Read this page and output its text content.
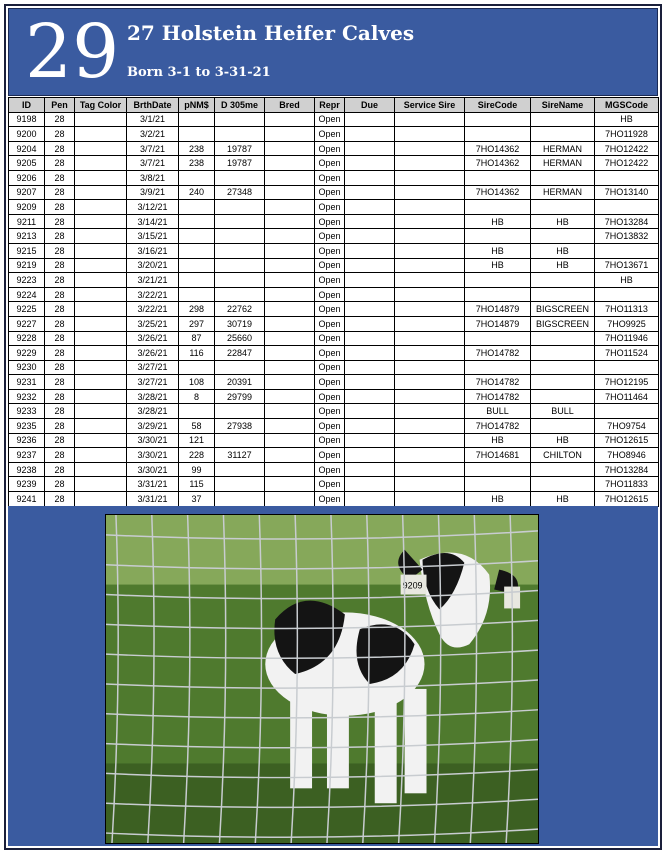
29 27 Holstein Heifer Calves
Born 3-1 to 3-31-21
ID	Pen	Tag Color	BrthDate	pNM$	D 305me	Bred	Repr	Due	Service Sire	SireCode	SireName	MGSCode
9198	28		3/1/21				Open					HB
9200	28		3/2/21				Open					7HO11928
9204	28		3/7/21	238	19787		Open			7HO14362	HERMAN	7HO12422
9205	28		3/7/21	238	19787		Open			7HO14362	HERMAN	7HO12422
9206	28		3/8/21				Open					
9207	28		3/9/21	240	27348		Open			7HO14362	HERMAN	7HO13140
9209	28		3/12/21				Open					
9211	28		3/14/21				Open			HB	HB	7HO13284
9213	28		3/15/21				Open					7HO13832
9215	28		3/16/21				Open			HB	HB	
9219	28		3/20/21				Open			HB	HB	7HO13671
9223	28		3/21/21				Open					HB
9224	28		3/22/21				Open					
9225	28		3/22/21	298	22762		Open			7HO14879	BIGSCREEN	7HO11313
9227	28		3/25/21	297	30719		Open			7HO14879	BIGSCREEN	7HO9925
9228	28		3/26/21	87	25660		Open					7HO11946
9229	28		3/26/21	116	22847		Open			7HO14782		7HO11524
9230	28		3/27/21				Open					
9231	28		3/27/21	108	20391		Open			7HO14782		7HO12195
9232	28		3/28/21	8	29799		Open			7HO14782		7HO11464
9233	28		3/28/21				Open			BULL	BULL	
9235	28		3/29/21	58	27938		Open			7HO14782		7HO9754
9236	28		3/30/21	121			Open			HB	HB	7HO12615
9237	28		3/30/21	228	31127		Open			7HO14681	CHILTON	7HO8946
9238	28		3/30/21	99			Open					7HO13284
9239	28		3/31/21	115			Open					7HO11833
9241	28		3/31/21	37			Open			HB	HB	7HO12615
9209
